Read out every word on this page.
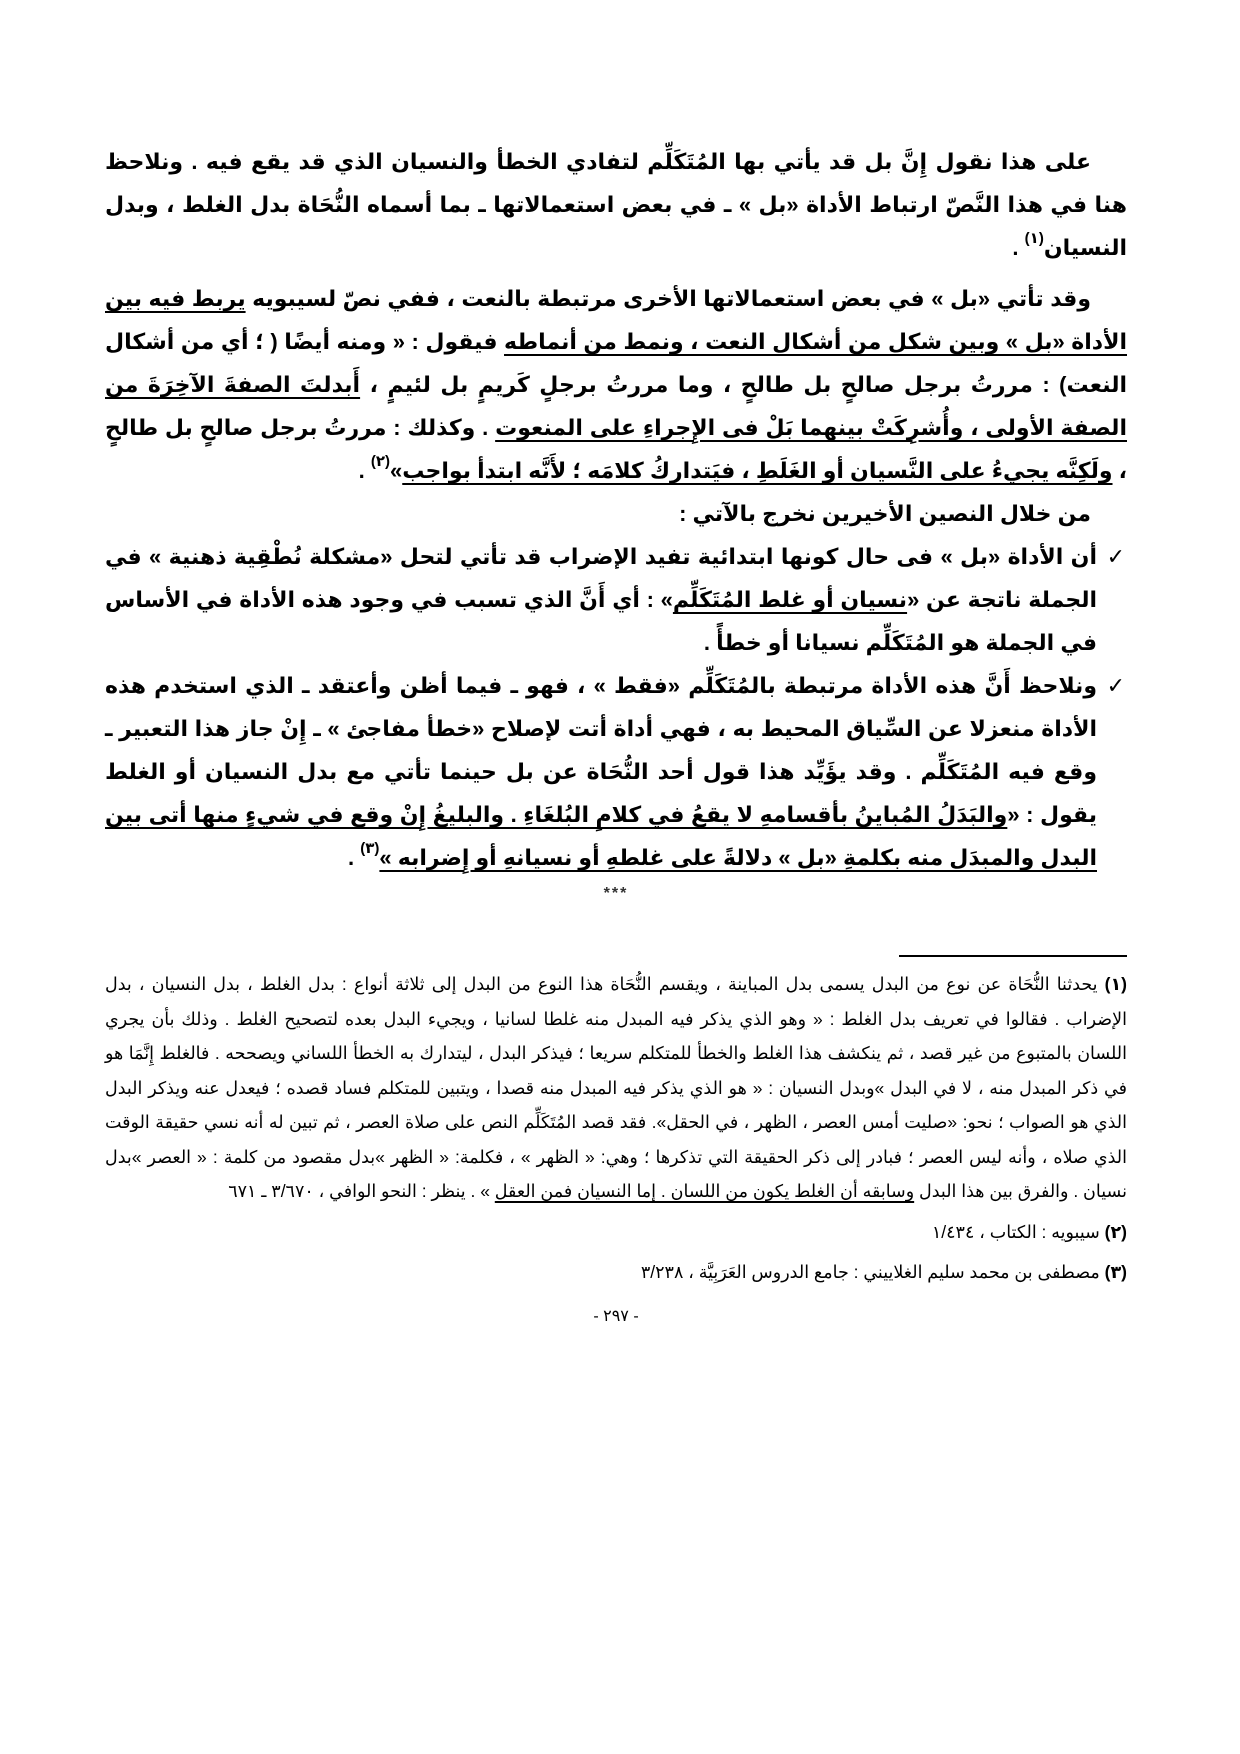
على هذا نقول إِنَّ بل قد يأتي بها المُتَكَلِّم لتفادي الخطأ والنسيان الذي قد يقع فيه . ونلاحظ هنا في هذا النَّصّ ارتباط الأداة «بل » ـ في بعض استعمالاتها ـ بما أسماه النُّحَاة بدل الغلط ، وبدل النسيان$^{(١)}$ .

وقد تأتي «بل » في بعض استعمالاتها الأخرى مرتبطة بالنعت ، ففي نصّ لسيبويه يربط فيه بين الأداة «بل » وبين شكل من أشكال النعت ، ونمط من أنماطه فيقول : « ومنه أيضًا ( ؛ أي من أشكال النعت) : مررتُ برجل صالحٍ بل طالحٍ ، وما مررتُ برجلٍ كَريمٍ بل لئيمٍ ، أَبدلتَ الصفةَ الآخِرَةَ من الصفة الأولى ، وأُشرِكَتْ بينهما بَلْ فى الإِجراءِ على المنعوت . وكذلك : مررتُ برجل صالحٍ بل طالحٍ ، ولَكِنَّه يجيءُ على النَّسيان أو الغَلَطِ ، فيَتداركُ كلامَه ؛ لأَنَّه ابتدأ بواجب»$^{(٢)}$ .

من خلال النصين الأخيرين نخرج بالآتي :

✓
أن الأداة «بل » فى حال كونها ابتدائية تفيد الإضراب قد تأتي لتحل «مشكلة نُطْقِية ذهنية » في الجملة ناتجة عن «نسيان أو غلط المُتَكَلِّم» : أي أَنَّ الذي تسبب في وجود هذه الأداة في الأساس في الجملة هو المُتَكَلِّم نسيانا أو خطأً .

✓
ونلاحظ أَنَّ هذه الأداة مرتبطة بالمُتَكَلِّم «فقط » ، فهو ـ فيما أظن وأعتقد ـ الذي استخدم هذه الأداة منعزلا عن السِّياق المحيط به ، فهي أداة أتت لإصلاح «خطأ مفاجئ » ـ إِنْ جاز هذا التعبير ـ وقع فيه المُتَكَلِّم . وقد يؤَيِّد هذا قول أحد النُّحَاة عن بل حينما تأتي مع بدل النسيان أو الغلط يقول : «والبَدَلُ المُباينُ بأقسامهِ لا يقعُ في كلامِ البُلغَاءِ . والبليغُ إِنْ وقع في شيءٍ منها أتى بين البدل والمبدَل منه بكلمةِ «بل » دلالةً على غلطهِ أو نسيانهِ أو إِضرابه »$^{(٣)}$ .

***

(١) يحدثنا النُّحَاة عن نوع من البدل يسمى بدل المباينة ، ويقسم النُّحَاة هذا النوع من البدل إلى ثلاثة أنواع : بدل الغلط ، بدل النسيان ، بدل الإضراب . فقالوا في تعريف بدل الغلط : « وهو الذي يذكر فيه المبدل منه غلطا لسانيا ، ويجيء البدل بعده لتصحيح الغلط . وذلك بأن يجري اللسان بالمتبوع من غير قصد ، ثم ينكشف هذا الغلط والخطأ للمتكلم سريعا ؛ فيذكر البدل ، ليتدارك به الخطأ اللساني ويصححه . فالغلط إِنَّمَا هو في ذكر المبدل منه ، لا في البدل »وبدل النسيان : « هو الذي يذكر فيه المبدل منه قصدا ، ويتبين للمتكلم فساد قصده ؛ فيعدل عنه ويذكر البدل الذي هو الصواب ؛ نحو: «صليت أمس العصر ، الظهر ، في الحقل». فقد قصد المُتَكَلِّم النص على صلاة العصر ، ثم تبين له أنه نسي حقيقة الوقت الذي صلاه ، وأنه ليس العصر ؛ فبادر إلى ذكر الحقيقة التي تذكرها ؛ وهي: « الظهر » ، فكلمة: « الظهر »بدل مقصود من كلمة : « العصر »بدل نسيان . والفرق بين هذا البدل وسابقه أن الغلط يكون من اللسان . إما النسيان فمن العقل » . ينظر : النحو الوافي ، ٣/٦٧٠ ـ ٦٧١

(٢) سيبويه : الكتاب ، ١/٤٣٤

(٣) مصطفى بن محمد سليم الغلاييني : جامع الدروس العَرَبِيَّة ، ٣/٢٣٨

- ٢٩٧ -
